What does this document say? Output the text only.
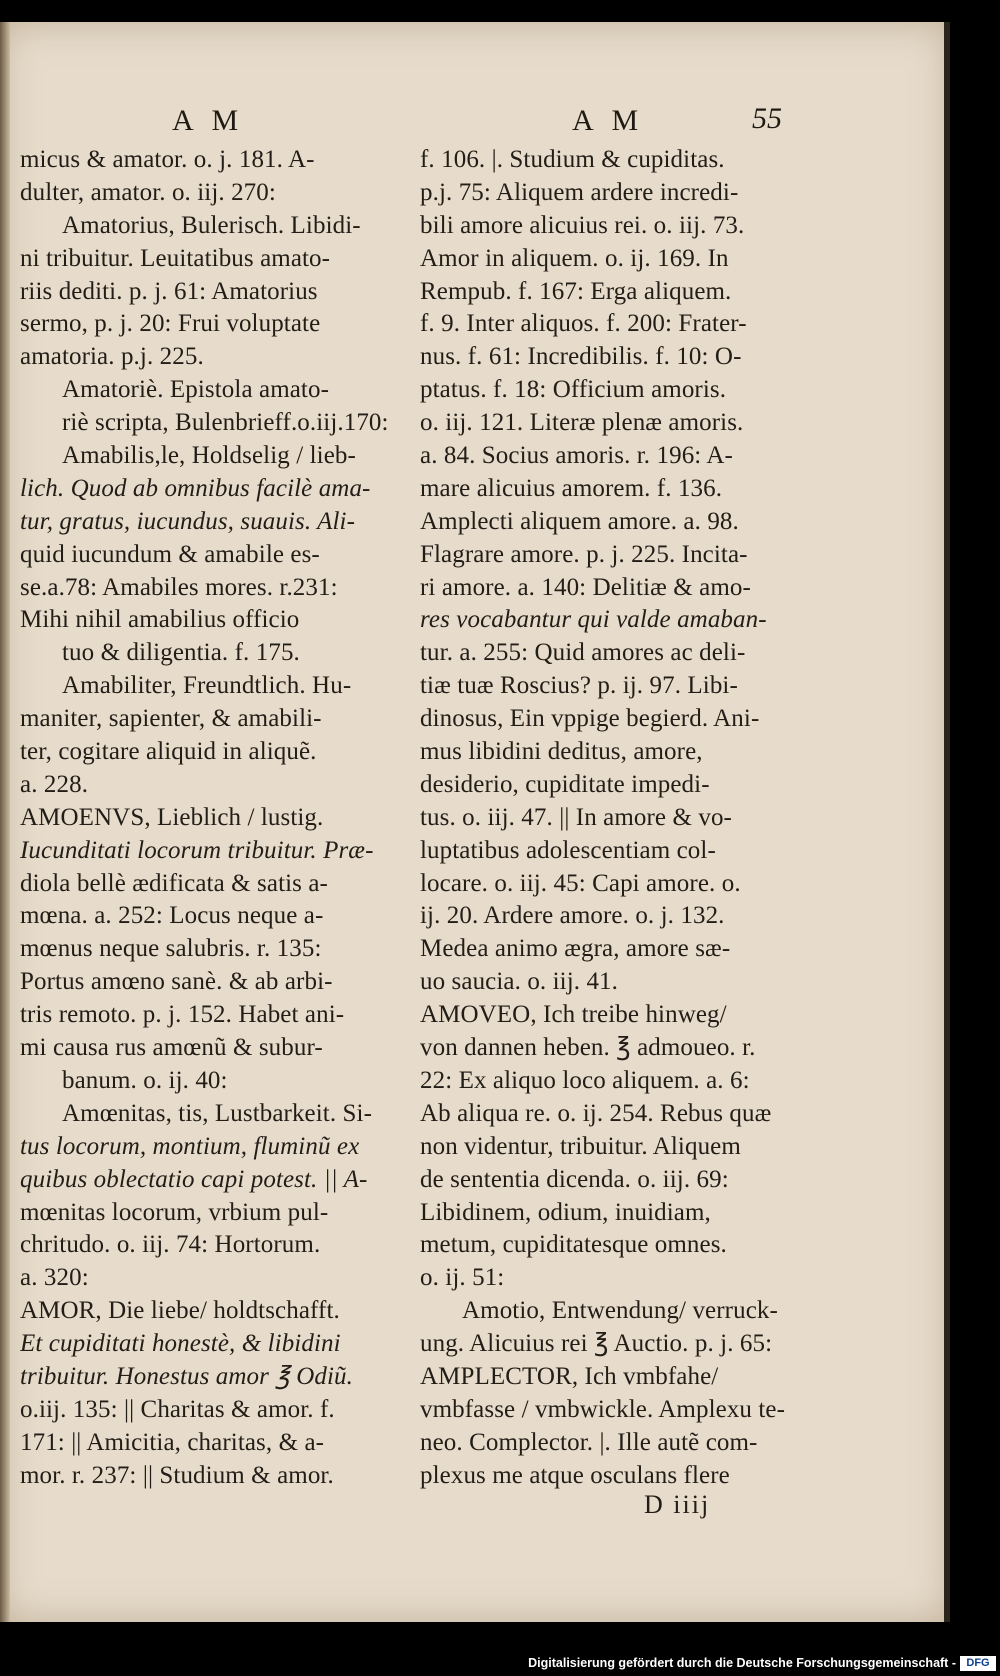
A M	A M	55
micus & amator. o. j. 181. A-
dulter, amator. o. iij. 270:
Amatorius, Bulerisch. Libidi-
ni tribuitur. Leuitatibus amato-
riis dediti. p. j. 61: Amatorius
sermo, p. j. 20: Frui voluptate
amatoria. p.j. 225.
Amatoriè. Epistola amato-
riè scripta, Bulenbrieff.o.iij.170:
Amabilis,le, Holdselig / lieb-
lich. Quod ab omnibus facilè ama-
tur, gratus, iucundus, suauis. Ali-
quid iucundum & amabile es-
se.a.78: Amabiles mores. r.231:
Mihi nihil amabilius officio
tuo & diligentia. f. 175.
Amabiliter, Freundtlich. Hu-
maniter, sapienter, & amabili-
ter, cogitare aliquid in aliquẽ.
a. 228.
AMOENVS, Lieblich / lustig.
Iucunditati locorum tribuitur. Præ-
diola bellè ædificata & satis a-
mœna. a. 252: Locus neque a-
mœnus neque salubris. r. 135:
Portus amœno sanè. & ab arbi-
tris remoto. p. j. 152. Habet ani-
mi causa rus amœnũ & subur-
banum. o. ij. 40:
Amœnitas, tis, Lustbarkeit. Si-
tus locorum, montium, fluminũ ex
quibus oblectatio capi potest. || A-
mœnitas locorum, vrbium pul-
chritudo. o. iij. 74: Hortorum.
a. 320:
AMOR, Die liebe/ holdtschafft.
Et cupiditati honestè, & libidini
tribuitur. Honestus amor ℥ Odiũ.
o.iij. 135: || Charitas & amor. f.
171: || Amicitia, charitas, & a-
mor. r. 237: || Studium & amor.
f. 106. |. Studium & cupiditas.
p.j. 75: Aliquem ardere incredi-
bili amore alicuius rei. o. iij. 73.
Amor in aliquem. o. ij. 169. In
Rempub. f. 167: Erga aliquem.
f. 9. Inter aliquos. f. 200: Frater-
nus. f. 61: Incredibilis. f. 10: O-
ptatus. f. 18: Officium amoris.
o. iij. 121. Literæ plenæ amoris.
a. 84. Socius amoris. r. 196: A-
mare alicuius amorem. f. 136.
Amplecti aliquem amore. a. 98.
Flagrare amore. p. j. 225. Incita-
ri amore. a. 140: Delitiæ & amo-
res vocabantur qui valde amaban-
tur. a. 255: Quid amores ac deli-
tiæ tuæ Roscius? p. ij. 97. Libi-
dinosus, Ein vppige begierd. Ani-
mus libidini deditus, amore,
desiderio, cupiditate impedi-
tus. o. iij. 47. || In amore & vo-
luptatibus adolescentiam col-
locare. o. iij. 45: Capi amore. o.
ij. 20. Ardere amore. o. j. 132.
Medea animo ægra, amore sæ-
uo saucia. o. iij. 41.
AMOVEO, Ich treibe hinweg/
von dannen heben. ℥ admoueo. r.
22: Ex aliquo loco aliquem. a. 6:
Ab aliqua re. o. ij. 254. Rebus quæ
non videntur, tribuitur. Aliquem
de sententia dicenda. o. iij. 69:
Libidinem, odium, inuidiam,
metum, cupiditatesque omnes.
o. ij. 51:
Amotio, Entwendung/ verruck-
ung. Alicuius rei ℥ Auctio. p. j. 65:
AMPLECTOR, Ich vmbfahe/
vmbfasse / vmbwickle. Amplexu te-
neo. Complector. |. Ille autẽ com-
plexus me atque osculans flere
D iiij
Digitalisierung gefördert durch die Deutsche Forschungsgemeinschaft - DFG
